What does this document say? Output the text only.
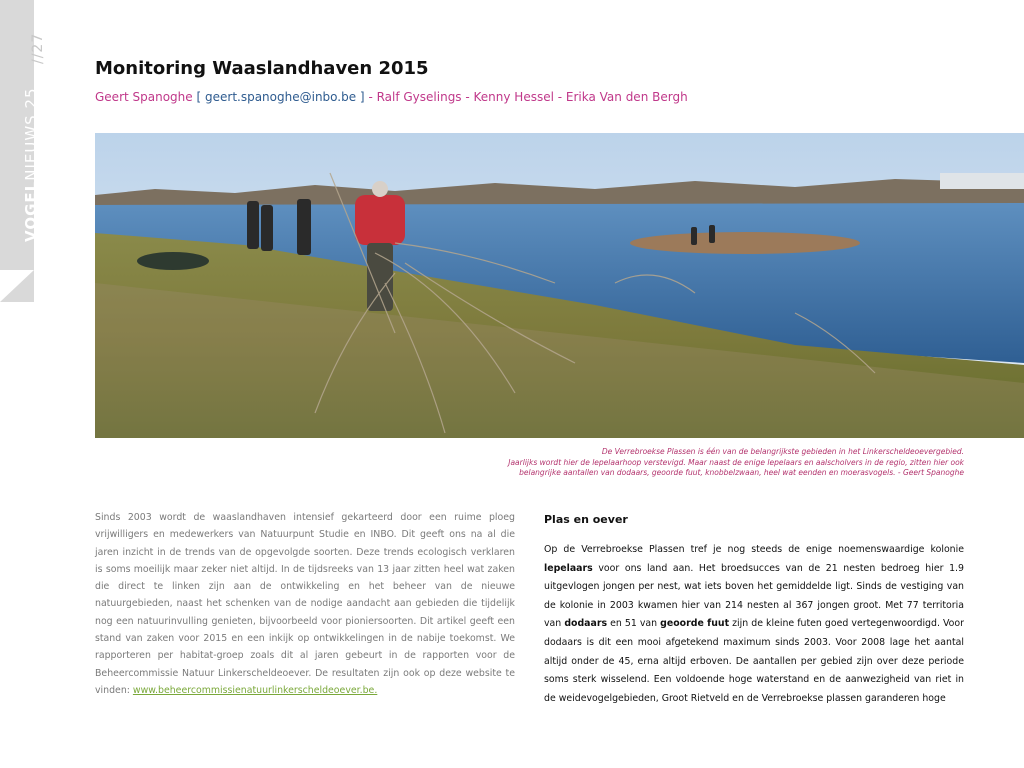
//27
VOGELNIEUWS 25
Monitoring Waaslandhaven 2015
Geert Spanoghe [ geert.spanoghe@inbo.be ] - Ralf Gyselings - Kenny Hessel - Erika Van den Bergh
De Verrebroekse Plassen is één van de belangrijkste gebieden in het Linkerscheldeoevergebied.
Jaarlijks wordt hier de lepelaarhoop verstevigd. Maar naast de enige lepelaars en aalscholvers in de regio, zitten hier ook
belangrijke aantallen van dodaars, geoorde fuut, knobbelzwaan, heel wat eenden en moerasvogels. - Geert Spanoghe
Sinds 2003 wordt de waaslandhaven intensief gekarteerd door een ruime ploeg vrijwilligers en medewerkers van Natuurpunt Studie en INBO. Dit geeft ons na al die jaren inzicht in de trends van de opgevolgde soorten. Deze trends ecologisch verklaren is soms moeilijk maar zeker niet altijd. In de tijdsreeks van 13 jaar zitten heel wat zaken die direct te linken zijn aan de ontwikkeling en het beheer van de nieuwe natuurgebieden, naast het schenken van de nodige aandacht aan gebieden die tijdelijk nog een natuurinvulling genieten, bijvoorbeeld voor pioniersoorten. Dit artikel geeft een stand van zaken voor 2015 en een inkijk op ontwikkelingen in de nabije toekomst. We rapporteren per habitat-groep zoals dit al jaren gebeurt in de rapporten voor de Beheercommissie Natuur Linkerscheldeoever. De resultaten zijn ook op deze website te vinden: www.beheercommissienatuurlinkerscheldeoever.be.
Plas en oever

Op de Verrebroekse Plassen tref je nog steeds de enige noemenswaardige kolonie lepelaars voor ons land aan. Het broedsucces van de 21 nesten bedroeg hier 1.9 uitgevlogen jongen per nest, wat iets boven het gemiddelde ligt. Sinds de vestiging van de kolonie in 2003 kwamen hier van 214 nesten al 367 jongen groot. Met 77 territoria van dodaars en 51 van geoorde fuut zijn de kleine futen goed vertegenwoordigd. Voor dodaars is dit een mooi afgetekend maximum sinds 2003. Voor 2008 lage het aantal altijd onder de 45, erna altijd erboven. De aantallen per gebied zijn over deze periode soms sterk wisselend. Een voldoende hoge waterstand en de aanwezigheid van riet in de weidevogelgebieden, Groot Rietveld en de Verrebroekse plassen garanderen hoge
